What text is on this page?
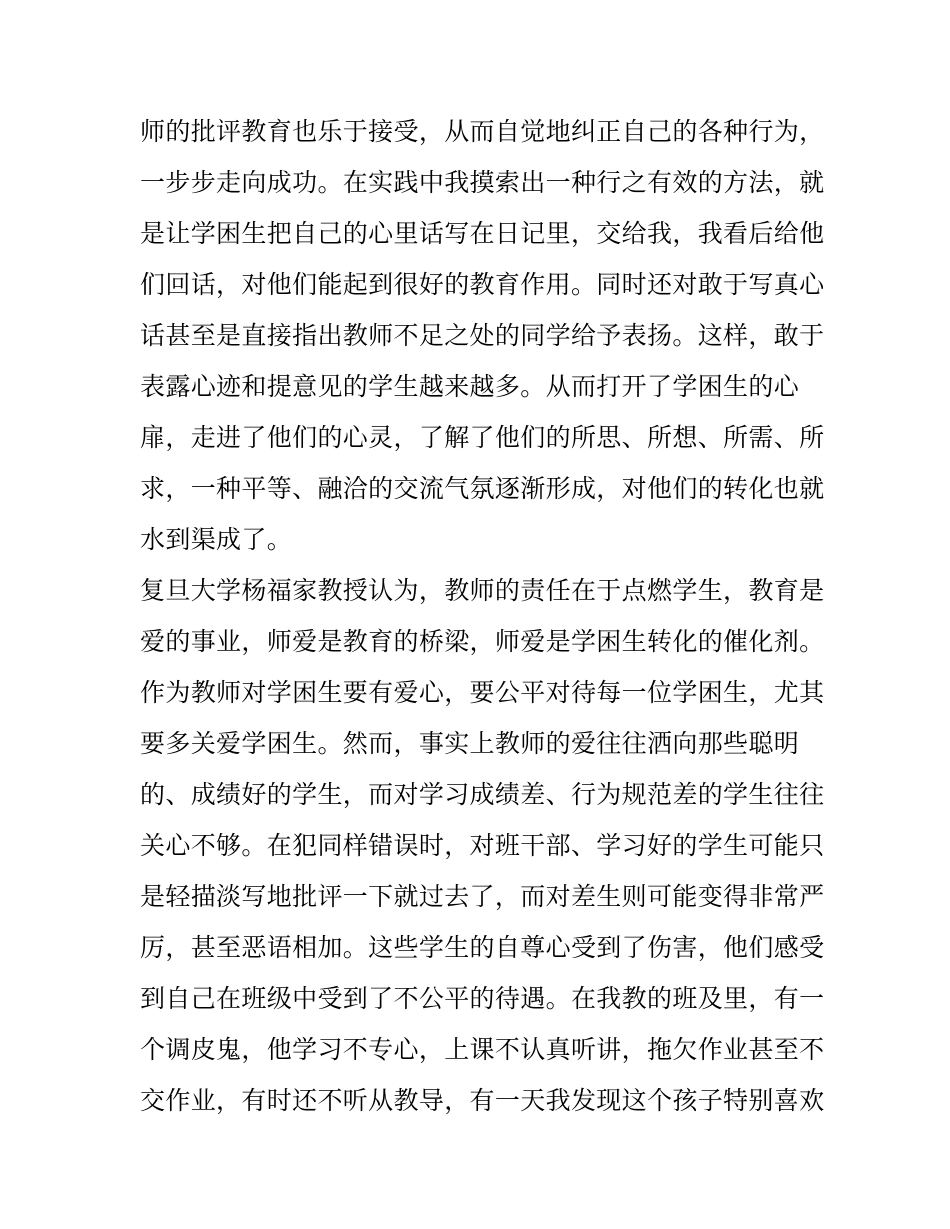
师的批评教育也乐于接受，从而自觉地纠正自己的各种行为，
一步步走向成功。在实践中我摸索出一种行之有效的方法，就
是让学困生把自己的心里话写在日记里，交给我，我看后给他
们回话，对他们能起到很好的教育作用。同时还对敢于写真心
话甚至是直接指出教师不足之处的同学给予表扬。这样，敢于
表露心迹和提意见的学生越来越多。从而打开了学困生的心
扉，走进了他们的心灵，了解了他们的所思、所想、所需、所
求，一种平等、融洽的交流气氛逐渐形成，对他们的转化也就
水到渠成了。
复旦大学杨福家教授认为，教师的责任在于点燃学生，教育是
爱的事业，师爱是教育的桥梁，师爱是学困生转化的催化剂。
作为教师对学困生要有爱心，要公平对待每一位学困生，尤其
要多关爱学困生。然而，事实上教师的爱往往洒向那些聪明
的、成绩好的学生，而对学习成绩差、行为规范差的学生往往
关心不够。在犯同样错误时，对班干部、学习好的学生可能只
是轻描淡写地批评一下就过去了，而对差生则可能变得非常严
厉，甚至恶语相加。这些学生的自尊心受到了伤害，他们感受
到自己在班级中受到了不公平的待遇。在我教的班及里，有一
个调皮鬼，他学习不专心，上课不认真听讲，拖欠作业甚至不
交作业，有时还不听从教导，有一天我发现这个孩子特别喜欢
